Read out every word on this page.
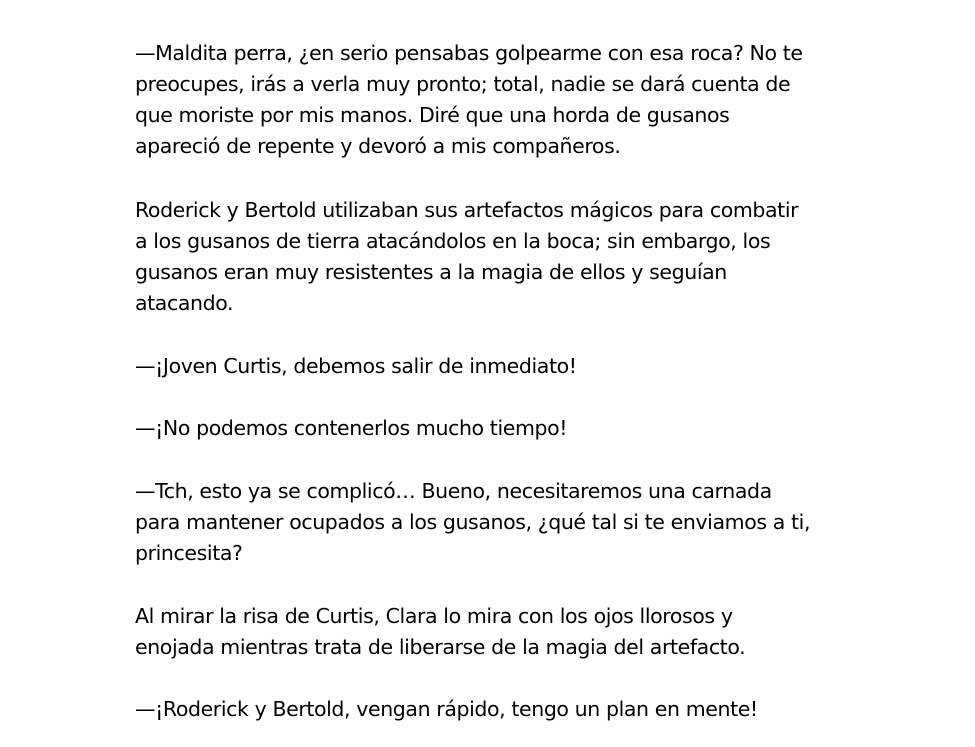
—Maldita perra, ¿en serio pensabas golpearme con esa roca? No te
preocupes, irás a verla muy pronto; total, nadie se dará cuenta de
que moriste por mis manos. Diré que una horda de gusanos
apareció de repente y devoró a mis compañeros.

Roderick y Bertold utilizaban sus artefactos mágicos para combatir
a los gusanos de tierra atacándolos en la boca; sin embargo, los
gusanos eran muy resistentes a la magia de ellos y seguían
atacando.

—¡Joven Curtis, debemos salir de inmediato!

—¡No podemos contenerlos mucho tiempo!

—Tch, esto ya se complicó… Bueno, necesitaremos una carnada
para mantener ocupados a los gusanos, ¿qué tal si te enviamos a ti,
princesita?

Al mirar la risa de Curtis, Clara lo mira con los ojos llorosos y
enojada mientras trata de liberarse de la magia del artefacto.

—¡Roderick y Bertold, vengan rápido, tengo un plan en mente!
